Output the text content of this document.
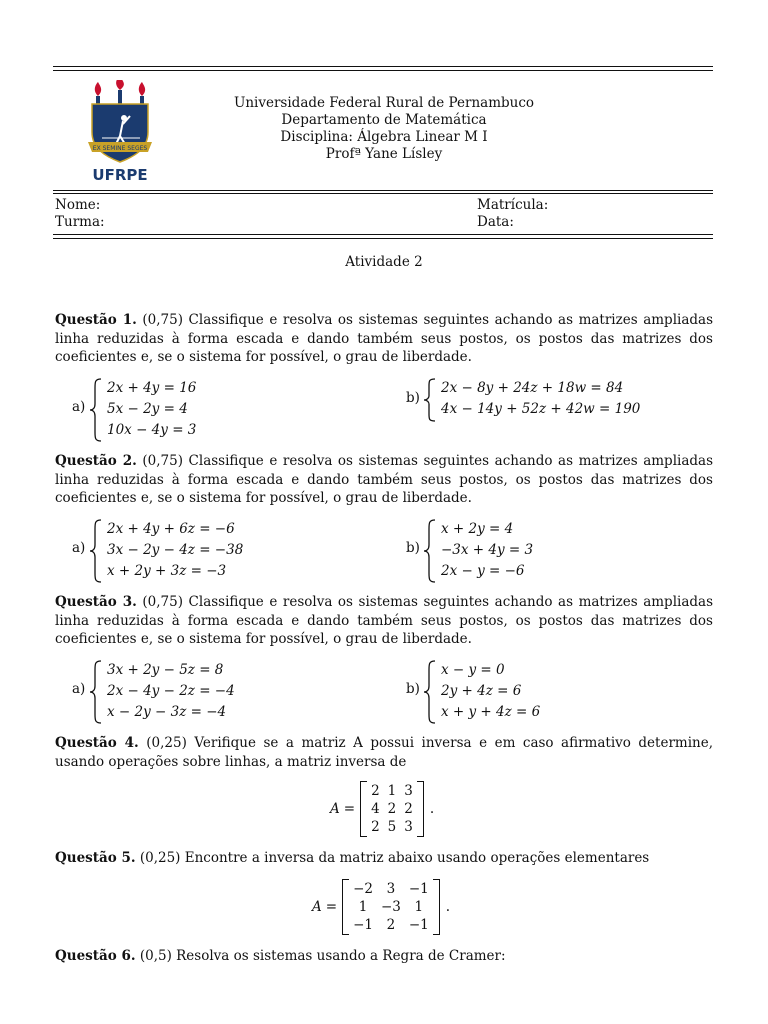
EX SEMINE SEGES
UFRPE
Universidade Federal Rural de Pernambuco
Departamento de Matemática
Disciplina: Álgebra Linear M I
Profª Yane Lísley
Nome:	Matrícula:
Turma:	Data:
Atividade 2
Questão 1. (0,75) Classifique e resolva os sistemas seguintes achando as matrizes ampliadas linha reduzidas à forma escada e dando também seus postos, os postos das matrizes dos coeficientes e, se o sistema for possível, o grau de liberdade.
a)
2x + 4y = 16
5x − 2y = 4
10x − 4y = 3
b)
2x − 8y + 24z + 18w = 84
4x − 14y + 52z + 42w = 190
Questão 2. (0,75) Classifique e resolva os sistemas seguintes achando as matrizes ampliadas linha reduzidas à forma escada e dando também seus postos, os postos das matrizes dos coeficientes e, se o sistema for possível, o grau de liberdade.
a)
2x + 4y + 6z = −6
3x − 2y − 4z = −38
x + 2y + 3z = −3
b)
x + 2y = 4
−3x + 4y = 3
2x − y = −6
Questão 3. (0,75) Classifique e resolva os sistemas seguintes achando as matrizes ampliadas linha reduzidas à forma escada e dando também seus postos, os postos das matrizes dos coeficientes e, se o sistema for possível, o grau de liberdade.
a)
3x + 2y − 5z = 8
2x − 4y − 2z = −4
x − 2y − 3z = −4
b)
x − y = 0
2y + 4z = 6
x + y + 4z = 6
Questão 4. (0,25) Verifique se a matriz A possui inversa e em caso afirmativo determine, usando operações sobre linhas, a matriz inversa de
A =
2	1	3
4	2	2
2	5	3
.
Questão 5. (0,25) Encontre a inversa da matriz abaixo usando operações elementares
A =
−2	3	−1
1	−3	1
−1	2	−1
.
Questão 6. (0,5) Resolva os sistemas usando a Regra de Cramer:
